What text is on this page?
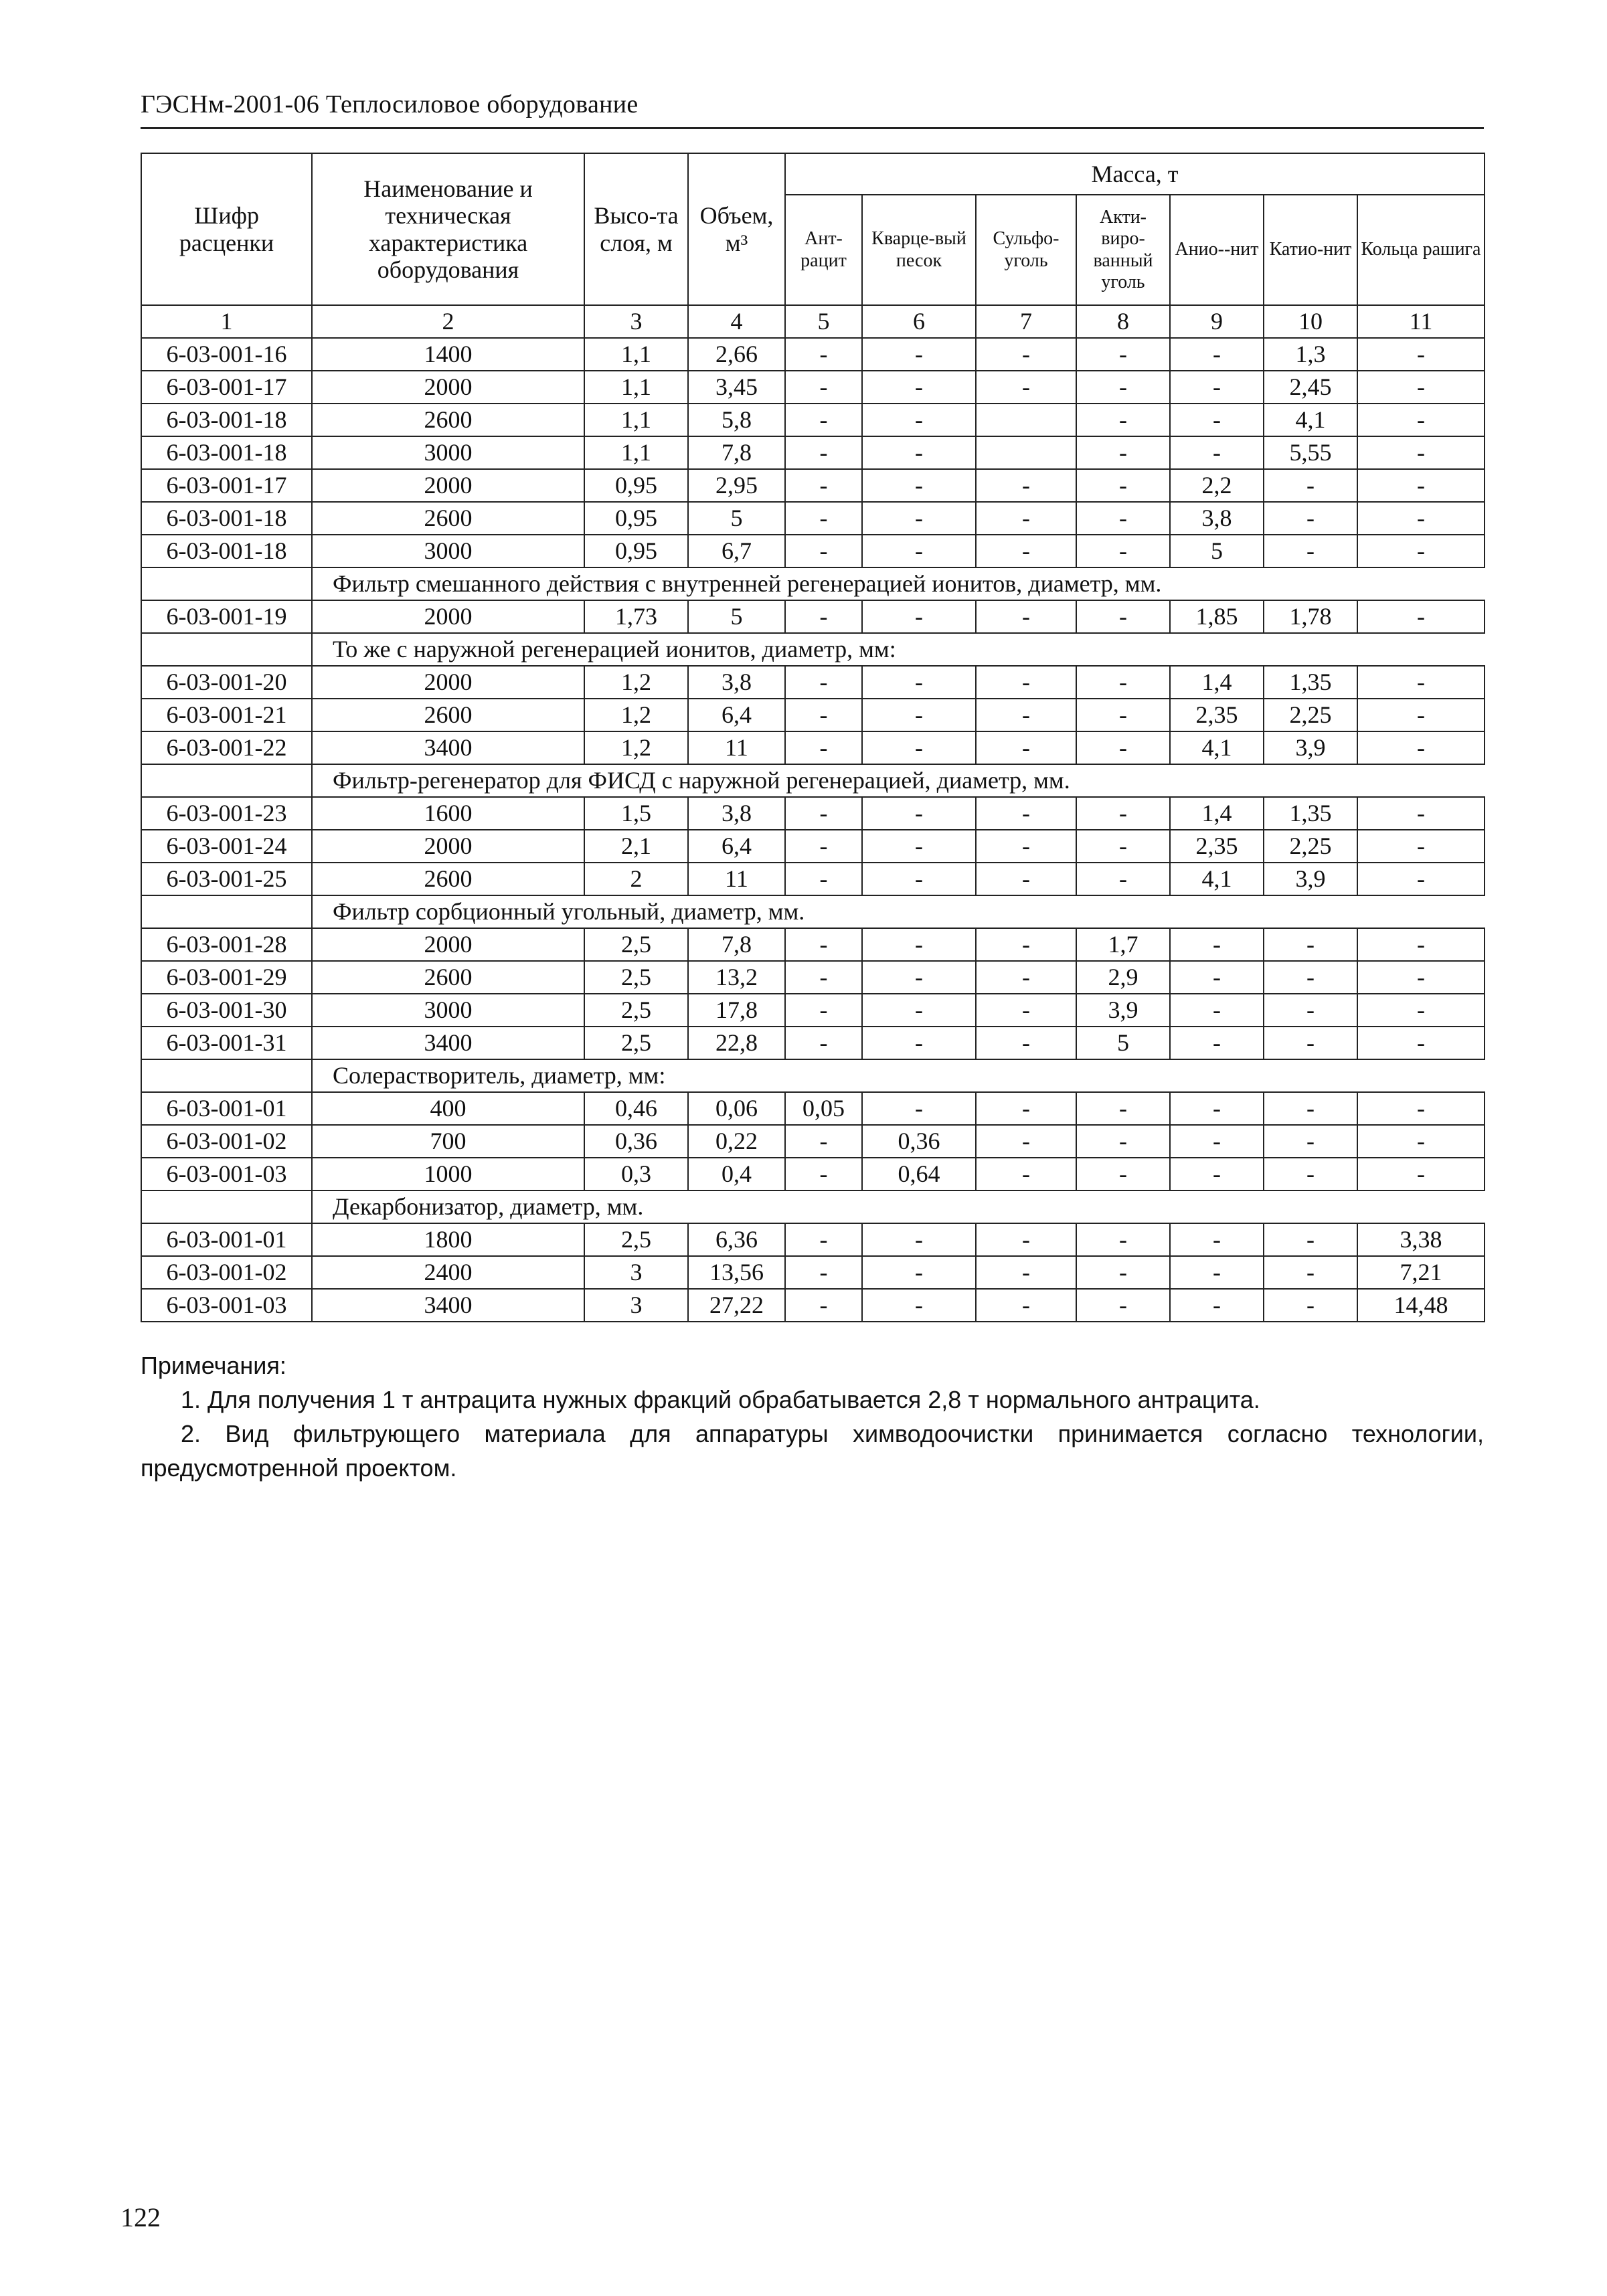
ГЭСНм-2001-06 Теплосиловое оборудование
Шифр расценки	Наименование и техническая характеристика оборудования	Высо-та слоя, м	Объем, м³	Масса, т						
				Ант-рацит	Кварце-вый песок	Сульфо-уголь	Акти-виро-ванный уголь	Анио--нит	Катио-нит	Кольца рашига
1	2	3	4	5	6	7	8	9	10	11
6-03-001-16	1400	1,1	2,66	-	-	-	-	-	1,3	-
6-03-001-17	2000	1,1	3,45	-	-	-	-	-	2,45	-
6-03-001-18	2600	1,1	5,8	-	-		-	-	4,1	-
6-03-001-18	3000	1,1	7,8	-	-		-	-	5,55	-
6-03-001-17	2000	0,95	2,95	-	-	-	-	2,2	-	-
6-03-001-18	2600	0,95	5	-	-	-	-	3,8	-	-
6-03-001-18	3000	0,95	6,7	-	-	-	-	5	-	-
	Фильтр смешанного действия с внутренней регенерацией ионитов, диаметр, мм.									
6-03-001-19	2000	1,73	5	-	-	-	-	1,85	1,78	-
	То же с наружной регенерацией ионитов, диаметр, мм:									
6-03-001-20	2000	1,2	3,8	-	-	-	-	1,4	1,35	-
6-03-001-21	2600	1,2	6,4	-	-	-	-	2,35	2,25	-
6-03-001-22	3400	1,2	11	-	-	-	-	4,1	3,9	-
	Фильтр-регенератор для ФИСД с наружной регенерацией, диаметр, мм.									
6-03-001-23	1600	1,5	3,8	-	-	-	-	1,4	1,35	-
6-03-001-24	2000	2,1	6,4	-	-	-	-	2,35	2,25	-
6-03-001-25	2600	2	11	-	-	-	-	4,1	3,9	-
	Фильтр сорбционный угольный, диаметр, мм.									
6-03-001-28	2000	2,5	7,8	-	-	-	1,7	-	-	-
6-03-001-29	2600	2,5	13,2	-	-	-	2,9	-	-	-
6-03-001-30	3000	2,5	17,8	-	-	-	3,9	-	-	-
6-03-001-31	3400	2,5	22,8	-	-	-	5	-	-	-
	Солерастворитель, диаметр, мм:									
6-03-001-01	400	0,46	0,06	0,05	-	-	-	-	-	-
6-03-001-02	700	0,36	0,22	-	0,36	-	-	-	-	-
6-03-001-03	1000	0,3	0,4	-	0,64	-	-	-	-	-
	Декарбонизатор, диаметр, мм.									
6-03-001-01	1800	2,5	6,36	-	-	-	-	-	-	3,38
6-03-001-02	2400	3	13,56	-	-	-	-	-	-	7,21
6-03-001-03	3400	3	27,22	-	-	-	-	-	-	14,48

Примечания:

1. Для получения 1 т антрацита нужных фракций обрабатывается 2,8 т нормального антрацита.

2. Вид фильтрующего материала для аппаратуры химводоочистки принимается согласно технологии, предусмотренной проектом.

122
